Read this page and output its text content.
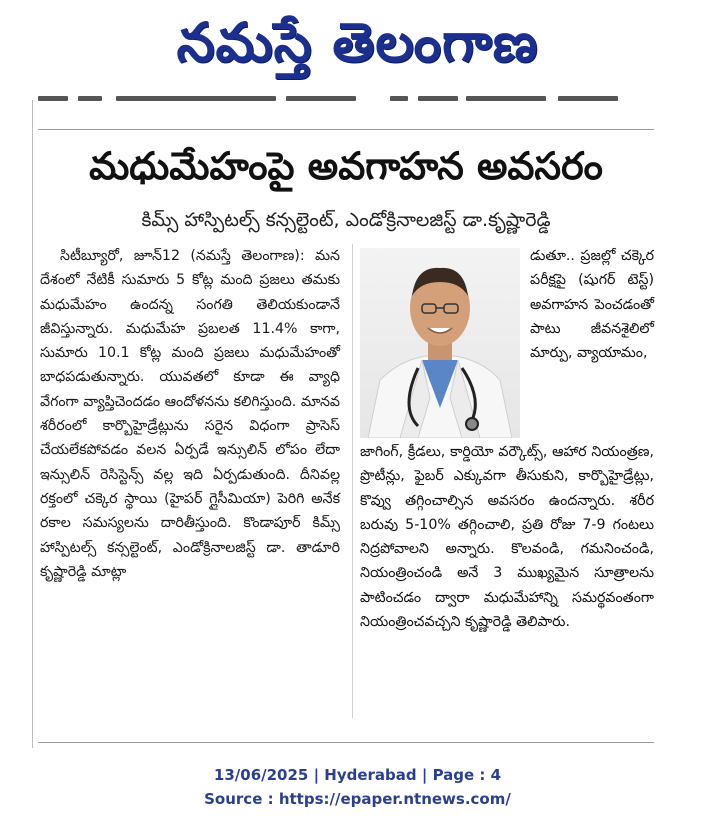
నమస్తే తెలంగాణ
మధుమేహంపై అవగాహన అవసరం
కిమ్స్ హాస్పిటల్స్ కన్సల్టెంట్, ఎండోక్రినాలజిస్ట్ డా.కృష్ణారెడ్డి

సిటీబ్యూరో, జూన్12 (నమస్తే తెలంగాణ): మన దేశంలో నేటికీ సుమారు 5 కోట్ల మంది ప్రజలు తమకు మధుమేహం ఉందన్న సంగతి తెలియకుండానే జీవిస్తున్నారు. మధుమేహ ప్రబలత 11.4% కాగా, సుమారు 10.1 కోట్ల మంది ప్రజలు మధుమేహంతో బాధపడుతున్నారు. యువతలో కూడా ఈ వ్యాధి వేగంగా వ్యాప్తిచెందడం ఆందోళనను కలిగిస్తుంది. మానవ శరీరంలో కార్బొహైడ్రేట్లును సరైన విధంగా ప్రాసెస్ చేయలేకపోవడం వలన ఏర్పడే ఇన్సులిన్ లోపం లేదా ఇన్సులిన్ రెసిస్టెన్స్ వల్ల ఇది ఏర్పడుతుంది. దీనివల్ల రక్తంలో చక్కెర స్థాయి (హైపర్ గ్లైసీమియా) పెరిగి అనేక రకాల సమస్యలను దారితీస్తుంది. కొండాపూర్ కిమ్స్ హాస్పిటల్స్ కన్సల్టెంట్, ఎండోక్రినాలజిస్ట్ డా. తాడూరి కృష్ణారెడ్డి మాట్లా

డుతూ.. ప్రజల్లో చక్కెర పరీక్షపై (షుగర్ టెస్ట్) అవగాహన పెంచడంతో పాటు జీవనశైలిలో మార్పు, వ్యాయామం,
జాగింగ్, క్రీడలు, కార్డియో వర్కౌట్స్, ఆహార నియంత్రణ, ప్రొటీన్లు, ఫైబర్ ఎక్కువగా తీసుకుని, కార్బొహైడ్రేట్లు, కొవ్వు తగ్గించాల్సిన అవసరం ఉందన్నారు. శరీర బరువు 5-10% తగ్గించాలి, ప్రతి రోజు 7-9 గంటలు నిద్రపోవాలని అన్నారు. కొలవండి, గమనించండి, నియంత్రించండి అనే 3 ముఖ్యమైన సూత్రాలను పాటించడం ద్వారా మధుమేహాన్ని సమర్థవంతంగా నియంత్రించవచ్చని కృష్ణారెడ్డి తెలిపారు.
13/06/2025 | Hyderabad | Page : 4
Source : https://epaper.ntnews.com/
